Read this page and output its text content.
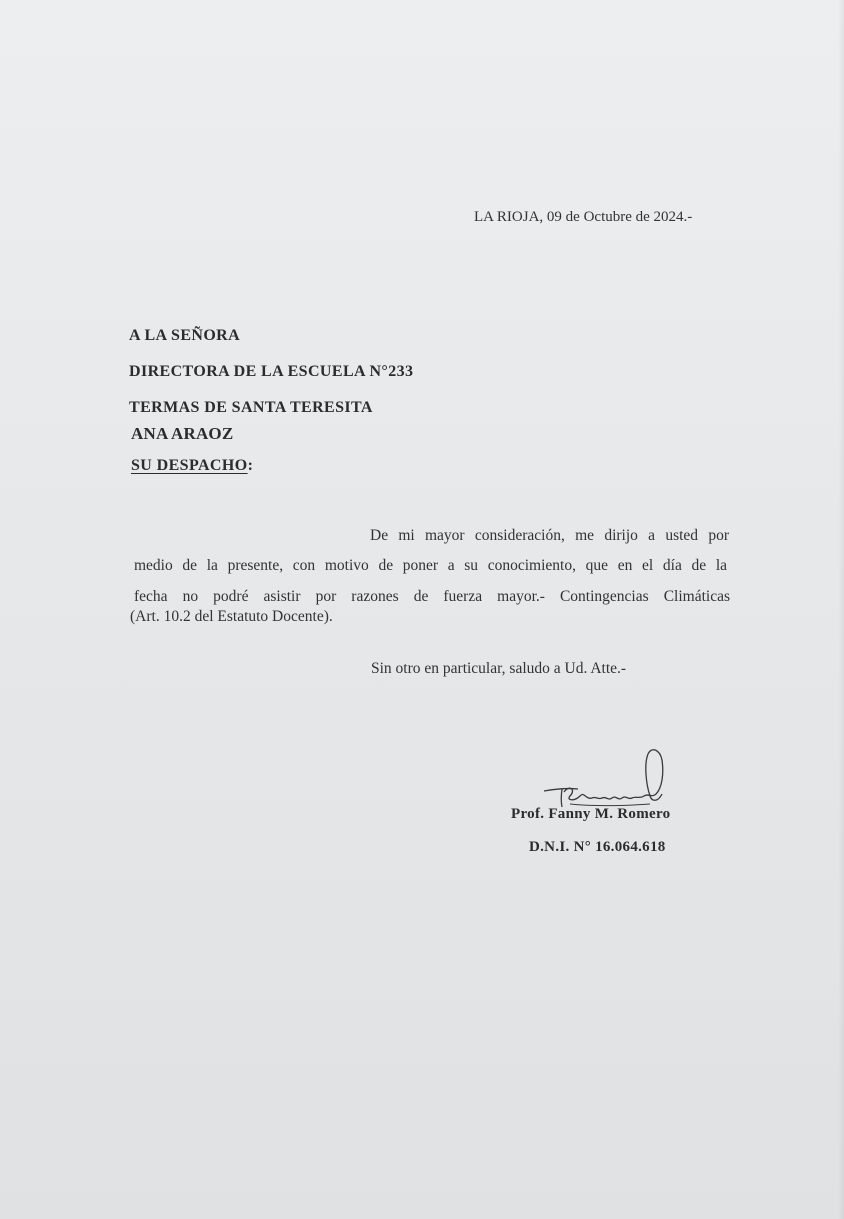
LA RIOJA, 09 de Octubre de 2024.-
A LA SEÑORA
DIRECTORA DE LA ESCUELA N°233
TERMAS DE SANTA TERESITA
ANA ARAOZ
SU DESPACHO:
De mi mayor consideración, me dirijo a usted por
medio de la presente, con motivo de poner a su conocimiento, que en el día de la
fecha no podré asistir por razones de fuerza mayor.- Contingencias Climáticas
(Art. 10.2 del Estatuto Docente).
Sin otro en particular, saludo a Ud. Atte.-
Prof. Fanny M. Romero
D.N.I. N° 16.064.618
